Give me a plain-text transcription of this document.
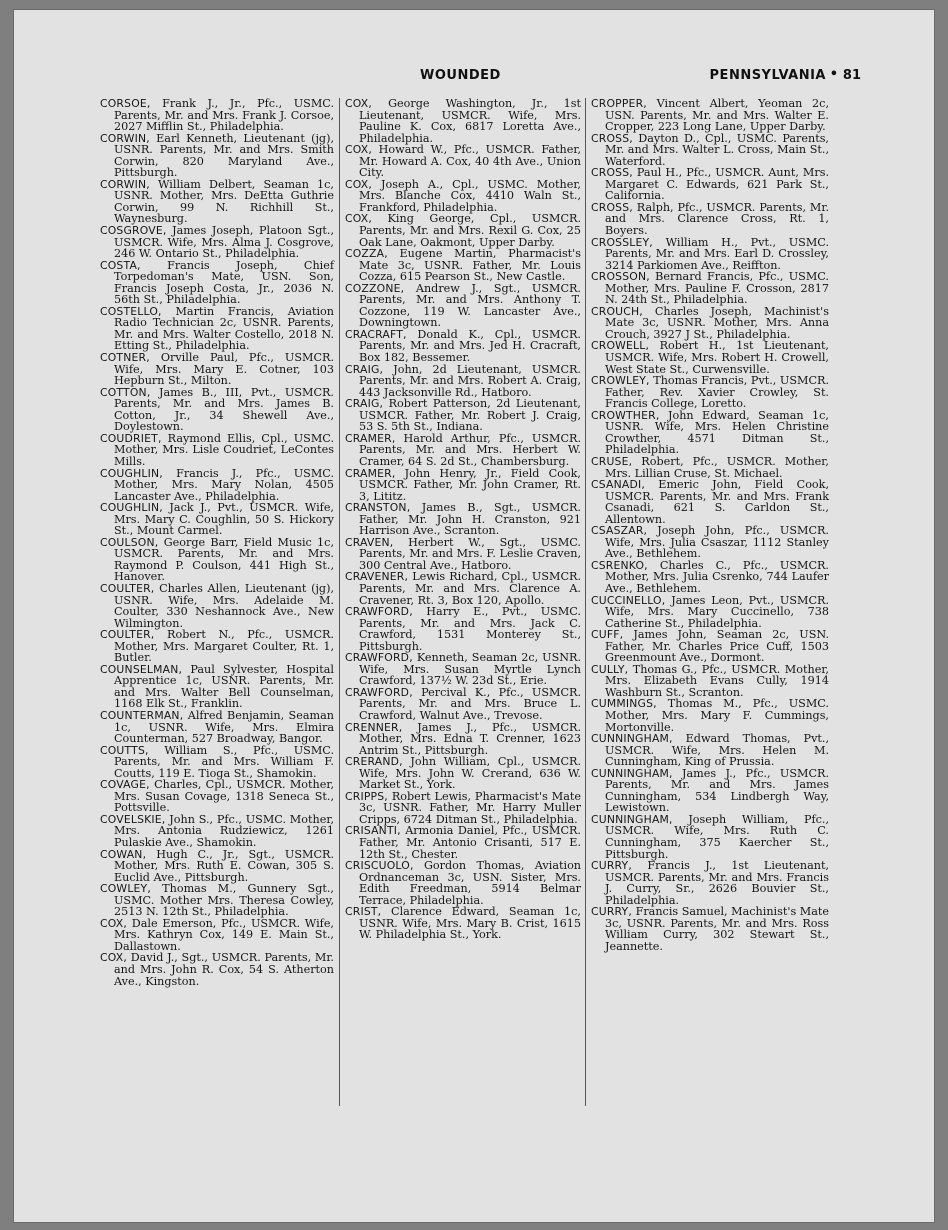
WOUNDED	PENNSYLVANIA • 81

CORSOE, Frank J., Jr., Pfc., USMC. Parents, Mr. and Mrs. Frank J. Corsoe, 2027 Mifflin St., Philadelphia.

CORWIN, Earl Kenneth, Lieutenant (jg), USNR. Parents, Mr. and Mrs. Smith Corwin, 820 Maryland Ave., Pittsburgh.

CORWIN, William Delbert, Seaman 1c, USNR. Mother, Mrs. DeEtta Guthrie Corwin, 99 N. Richhill St., Waynesburg.

COSGROVE, James Joseph, Platoon Sgt., USMCR. Wife, Mrs. Alma J. Cosgrove, 246 W. Ontario St., Philadelphia.

COSTA, Francis Joseph, Chief Torpedoman's Mate, USN. Son, Francis Joseph Costa, Jr., 2036 N. 56th St., Philadelphia.

COSTELLO, Martin Francis, Aviation Radio Technician 2c, USNR. Parents, Mr. and Mrs. Walter Costello, 2018 N. Etting St., Philadelphia.

COTNER, Orville Paul, Pfc., USMCR. Wife, Mrs. Mary E. Cotner, 103 Hepburn St., Milton.

COTTON, James B., III, Pvt., USMCR. Parents, Mr. and Mrs. James B. Cotton, Jr., 34 Shewell Ave., Doylestown.

COUDRIET, Raymond Ellis, Cpl., USMC. Mother, Mrs. Lisle Coudriet, LeContes Mills.

COUGHLIN, Francis J., Pfc., USMC. Mother, Mrs. Mary Nolan, 4505 Lancaster Ave., Philadelphia.

COUGHLIN, Jack J., Pvt., USMCR. Wife, Mrs. Mary C. Coughlin, 50 S. Hickory St., Mount Carmel.

COULSON, George Barr, Field Music 1c, USMCR. Parents, Mr. and Mrs. Raymond P. Coulson, 441 High St., Hanover.

COULTER, Charles Allen, Lieutenant (jg), USNR. Wife, Mrs. Adelaide M. Coulter, 330 Neshannock Ave., New Wilmington.

COULTER, Robert N., Pfc., USMCR. Mother, Mrs. Margaret Coulter, Rt. 1, Butler.

COUNSELMAN, Paul Sylvester, Hospital Apprentice 1c, USNR. Parents, Mr. and Mrs. Walter Bell Counselman, 1168 Elk St., Franklin.

COUNTERMAN, Alfred Benjamin, Seaman 1c, USNR. Wife, Mrs. Elmira Counterman, 527 Broadway, Bangor.

COUTTS, William S., Pfc., USMC. Parents, Mr. and Mrs. William F. Coutts, 119 E. Tioga St., Shamokin.

COVAGE, Charles, Cpl., USMCR. Mother, Mrs. Susan Covage, 1318 Seneca St., Pottsville.

COVELSKIE, John S., Pfc., USMC. Mother, Mrs. Antonia Rudziewicz, 1261 Pulaskie Ave., Shamokin.

COWAN, Hugh C., Jr., Sgt., USMCR. Mother, Mrs. Ruth E. Cowan, 305 S. Euclid Ave., Pittsburgh.

COWLEY, Thomas M., Gunnery Sgt., USMC. Mother Mrs. Theresa Cowley, 2513 N. 12th St., Philadelphia.

COX, Dale Emerson, Pfc., USMCR. Wife, Mrs. Kathryn Cox, 149 E. Main St., Dallastown.

COX, David J., Sgt., USMCR. Parents, Mr. and Mrs. John R. Cox, 54 S. Atherton Ave., Kingston.

COX, George Washington, Jr., 1st Lieutenant, USMCR. Wife, Mrs. Pauline K. Cox, 6817 Loretta Ave., Philadelphia.

COX, Howard W., Pfc., USMCR. Father, Mr. Howard A. Cox, 40 4th Ave., Union City.

COX, Joseph A., Cpl., USMC. Mother, Mrs. Blanche Cox, 4410 Waln St., Frankford, Philadelphia.

COX, King George, Cpl., USMCR. Parents, Mr. and Mrs. Rexil G. Cox, 25 Oak Lane, Oakmont, Upper Darby.

COZZA, Eugene Martin, Pharmacist's Mate 3c, USNR. Father, Mr. Louis Cozza, 615 Pearson St., New Castle.

COZZONE, Andrew J., Sgt., USMCR. Parents, Mr. and Mrs. Anthony T. Cozzone, 119 W. Lancaster Ave., Downingtown.

CRACRAFT, Donald K., Cpl., USMCR. Parents, Mr. and Mrs. Jed H. Cracraft, Box 182, Bessemer.

CRAIG, John, 2d Lieutenant, USMCR. Parents, Mr. and Mrs. Robert A. Craig, 443 Jacksonville Rd., Hatboro.

CRAIG, Robert Patterson, 2d Lieutenant, USMCR. Father, Mr. Robert J. Craig, 53 S. 5th St., Indiana.

CRAMER, Harold Arthur, Pfc., USMCR. Parents, Mr. and Mrs. Herbert W. Cramer, 64 S. 2d St., Chambersburg.

CRAMER, John Henry, Jr., Field Cook, USMCR. Father, Mr. John Cramer, Rt. 3, Lititz.

CRANSTON, James B., Sgt., USMCR. Father, Mr. John H. Cranston, 921 Harrison Ave., Scranton.

CRAVEN, Herbert W., Sgt., USMC. Parents, Mr. and Mrs. F. Leslie Craven, 300 Central Ave., Hatboro.

CRAVENER, Lewis Richard, Cpl., USMCR. Parents, Mr. and Mrs. Clarence A. Cravener, Rt. 3, Box 120, Apollo.

CRAWFORD, Harry E., Pvt., USMC. Parents, Mr. and Mrs. Jack C. Crawford, 1531 Monterey St., Pittsburgh.

CRAWFORD, Kenneth, Seaman 2c, USNR. Wife, Mrs. Susan Myrtle Lynch Crawford, 137½ W. 23d St., Erie.

CRAWFORD, Percival K., Pfc., USMCR. Parents, Mr. and Mrs. Bruce L. Crawford, Walnut Ave., Trevose.

CRENNER, James J., Pfc., USMCR. Mother, Mrs. Edna T. Crenner, 1623 Antrim St., Pittsburgh.

CRERAND, John William, Cpl., USMCR. Wife, Mrs. John W. Crerand, 636 W. Market St., York.

CRIPPS, Robert Lewis, Pharmacist's Mate 3c, USNR. Father, Mr. Harry Muller Cripps, 6724 Ditman St., Philadelphia.

CRISANTI, Armonia Daniel, Pfc., USMCR. Father, Mr. Antonio Crisanti, 517 E. 12th St., Chester.

CRISCUOLO, Gordon Thomas, Aviation Ordnanceman 3c, USN. Sister, Mrs. Edith Freedman, 5914 Belmar Terrace, Philadelphia.

CRIST, Clarence Edward, Seaman 1c, USNR. Wife, Mrs. Mary B. Crist, 1615 W. Philadelphia St., York.

CROPPER, Vincent Albert, Yeoman 2c, USN. Parents, Mr. and Mrs. Walter E. Cropper, 223 Long Lane, Upper Darby.

CROSS, Dayton D., Cpl., USMC. Parents, Mr. and Mrs. Walter L. Cross, Main St., Waterford.

CROSS, Paul H., Pfc., USMCR. Aunt, Mrs. Margaret C. Edwards, 621 Park St., California.

CROSS, Ralph, Pfc., USMCR. Parents, Mr. and Mrs. Clarence Cross, Rt. 1, Boyers.

CROSSLEY, William H., Pvt., USMC. Parents, Mr. and Mrs. Earl D. Crossley, 3214 Parkiomen Ave., Reiffton.

CROSSON, Bernard Francis, Pfc., USMC. Mother, Mrs. Pauline F. Crosson, 2817 N. 24th St., Philadelphia.

CROUCH, Charles Joseph, Machinist's Mate 3c, USNR. Mother, Mrs. Anna Crouch, 3927 J St., Philadelphia.

CROWELL, Robert H., 1st Lieutenant, USMCR. Wife, Mrs. Robert H. Crowell, West State St., Curwensville.

CROWLEY, Thomas Francis, Pvt., USMCR. Father, Rev. Xavier Crowley, St. Francis College, Loretto.

CROWTHER, John Edward, Seaman 1c, USNR. Wife, Mrs. Helen Christine Crowther, 4571 Ditman St., Philadelphia.

CRUSE, Robert, Pfc., USMCR. Mother, Mrs. Lillian Cruse, St. Michael.

CSANADI, Emeric John, Field Cook, USMCR. Parents, Mr. and Mrs. Frank Csanadi, 621 S. Carldon St., Allentown.

CSASZAR, Joseph John, Pfc., USMCR. Wife, Mrs. Julia Csaszar, 1112 Stanley Ave., Bethlehem.

CSRENKO, Charles C., Pfc., USMCR. Mother, Mrs. Julia Csrenko, 744 Laufer Ave., Bethlehem.

CUCCINELLO, James Leon, Pvt., USMCR. Wife, Mrs. Mary Cuccinello, 738 Catherine St., Philadelphia.

CUFF, James John, Seaman 2c, USN. Father, Mr. Charles Price Cuff, 1503 Greenmount Ave., Dormont.

CULLY, Thomas G., Pfc., USMCR. Mother, Mrs. Elizabeth Evans Cully, 1914 Washburn St., Scranton.

CUMMINGS, Thomas M., Pfc., USMC. Mother, Mrs. Mary F. Cummings, Mortonville.

CUNNINGHAM, Edward Thomas, Pvt., USMCR. Wife, Mrs. Helen M. Cunningham, King of Prussia.

CUNNINGHAM, James J., Pfc., USMCR. Parents, Mr. and Mrs. James Cunningham, 534 Lindbergh Way, Lewistown.

CUNNINGHAM, Joseph William, Pfc., USMCR. Wife, Mrs. Ruth C. Cunningham, 375 Kaercher St., Pittsburgh.

CURRY, Francis J., 1st Lieutenant, USMCR. Parents, Mr. and Mrs. Francis J. Curry, Sr., 2626 Bouvier St., Philadelphia.

CURRY, Francis Samuel, Machinist's Mate 3c, USNR. Parents, Mr. and Mrs. Ross William Curry, 302 Stewart St., Jeannette.
